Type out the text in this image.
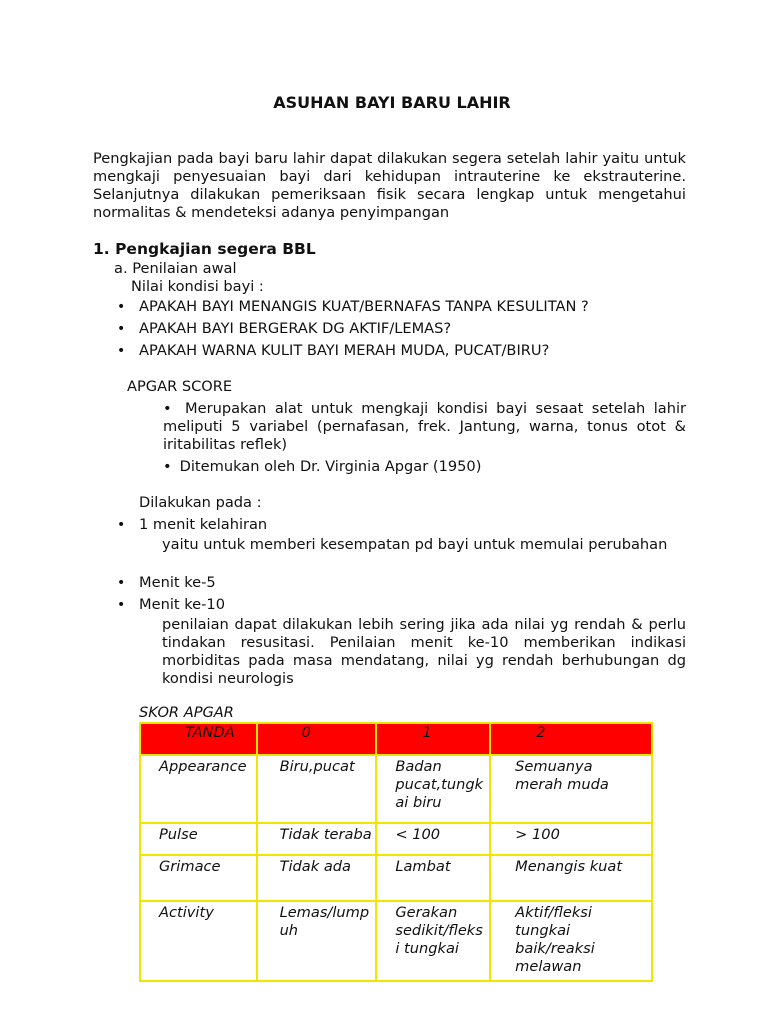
ASUHAN BAYI BARU LAHIR
Pengkajian pada bayi baru lahir dapat dilakukan segera setelah lahir yaitu untuk mengkaji penyesuaian bayi dari kehidupan intrauterine ke ekstrauterine. Selanjutnya dilakukan pemeriksaan fisik secara lengkap untuk mengetahui normalitas & mendeteksi adanya penyimpangan
1. Pengkajian segera BBL
a. Penilaian awal
Nilai kondisi bayi :
• APAKAH BAYI MENANGIS KUAT/BERNAFAS TANPA KESULITAN ?
• APAKAH BAYI BERGERAK DG AKTIF/LEMAS?
• APAKAH WARNA KULIT BAYI MERAH MUDA, PUCAT/BIRU?
APGAR SCORE
• Merupakan alat untuk mengkaji kondisi bayi sesaat setelah lahir meliputi 5 variabel (pernafasan, frek. Jantung, warna, tonus otot & iritabilitas reflek)
• Ditemukan oleh Dr. Virginia Apgar (1950)
Dilakukan pada :
• 1 menit kelahiran
yaitu untuk memberi kesempatan pd bayi untuk memulai perubahan
• Menit ke-5
• Menit ke-10
penilaian dapat dilakukan lebih sering jika ada nilai yg rendah & perlu tindakan resusitasi. Penilaian menit ke-10 memberikan indikasi morbiditas pada masa mendatang, nilai yg rendah berhubungan dg kondisi neurologis
SKOR APGAR
TANDA	0	1	2
Appearance	Biru,pucat	Badan pucat,tungk ai biru	Semuanya merah muda
Pulse	Tidak teraba	< 100	> 100
Grimace	Tidak ada	Lambat	Menangis kuat
Activity	Lemas/lump uh	Gerakan sedikit/fleks i tungkai	Aktif/fleksi tungkai baik/reaksi melawan
